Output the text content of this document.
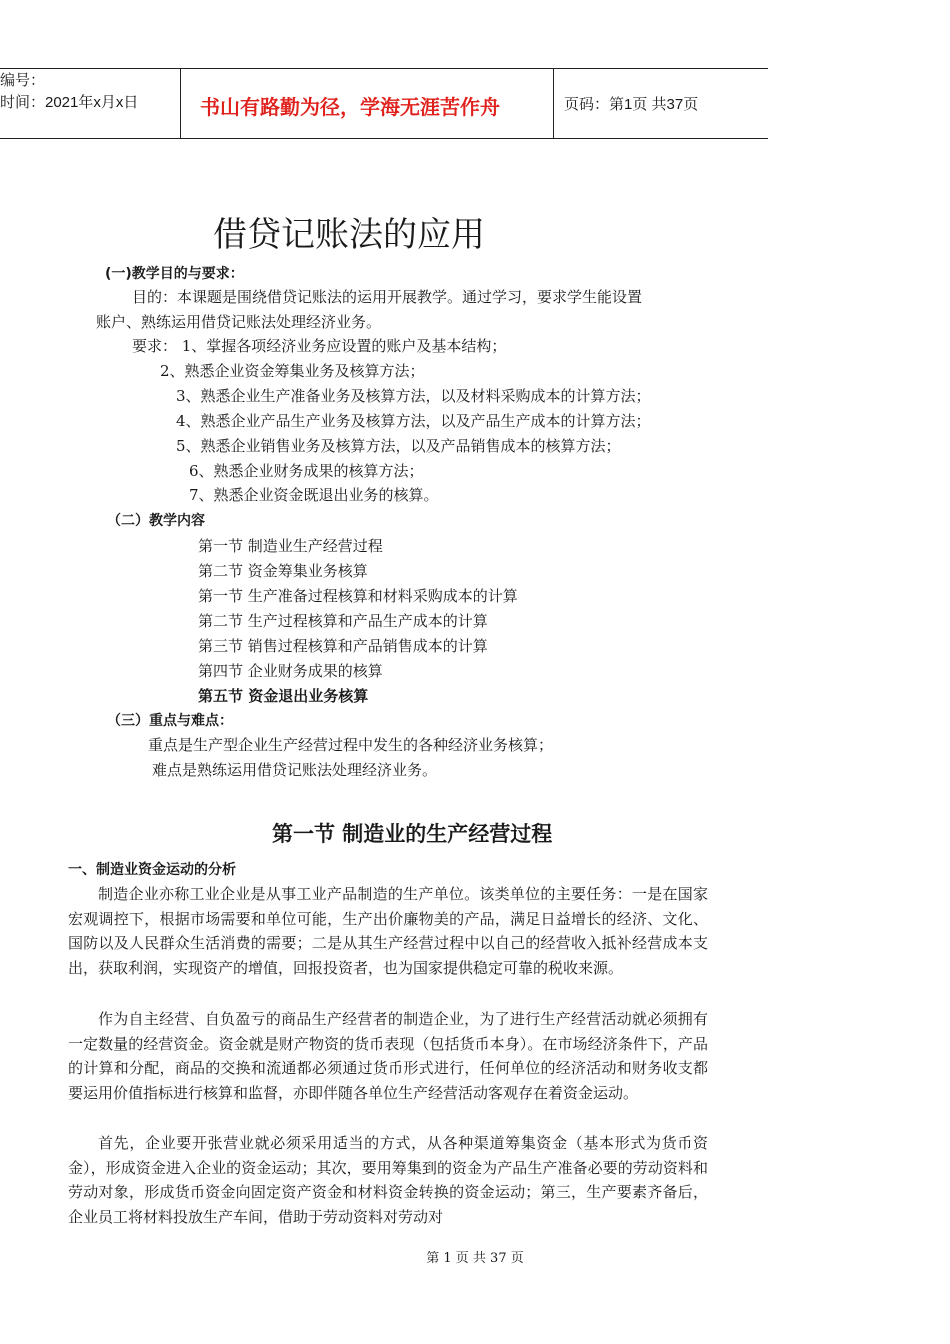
编号：
时间：2021年x月x日	书山有路勤为径，学海无涯苦作舟	页码：第1页 共37页
借贷记账法的应用
(一)教学目的与要求：
目的：本课题是围绕借贷记账法的运用开展教学。通过学习，要求学生能设置
账户、熟练运用借贷记账法处理经济业务。
要求： 1、掌握各项经济业务应设置的账户及基本结构；
2、熟悉企业资金筹集业务及核算方法；
3、熟悉企业生产准备业务及核算方法，以及材料采购成本的计算方法；
4、熟悉企业产品生产业务及核算方法，以及产品生产成本的计算方法；
5、熟悉企业销售业务及核算方法，以及产品销售成本的核算方法；
6、熟悉企业财务成果的核算方法；
7、熟悉企业资金既退出业务的核算。
（二）教学内容
第一节 制造业生产经营过程
第二节 资金筹集业务核算
第一节 生产准备过程核算和材料采购成本的计算
第二节 生产过程核算和产品生产成本的计算
第三节 销售过程核算和产品销售成本的计算
第四节 企业财务成果的核算
第五节 资金退出业务核算
（三）重点与难点：
重点是生产型企业生产经营过程中发生的各种经济业务核算；
难点是熟练运用借贷记账法处理经济业务。
第一节 制造业的生产经营过程
一、制造业资金运动的分析
制造企业亦称工业企业是从事工业产品制造的生产单位。该类单位的主要任务：一是在国家宏观调控下，根据市场需要和单位可能，生产出价廉物美的产品，满足日益增长的经济、文化、国防以及人民群众生活消费的需要；二是从其生产经营过程中以自己的经营收入抵补经营成本支出，获取利润，实现资产的增值，回报投资者，也为国家提供稳定可靠的税收来源。
作为自主经营、自负盈亏的商品生产经营者的制造企业，为了进行生产经营活动就必须拥有一定数量的经营资金。资金就是财产物资的货币表现（包括货币本身）。在市场经济条件下，产品的计算和分配，商品的交换和流通都必须通过货币形式进行，任何单位的经济活动和财务收支都要运用价值指标进行核算和监督，亦即伴随各单位生产经营活动客观存在着资金运动。
首先，企业要开张营业就必须采用适当的方式，从各种渠道筹集资金（基本形式为货币资金），形成资金进入企业的资金运动；其次，要用筹集到的资金为产品生产准备必要的劳动资料和劳动对象，形成货币资金向固定资产资金和材料资金转换的资金运动；第三，生产要素齐备后，企业员工将材料投放生产车间，借助于劳动资料对劳动对
第 1 页 共 37 页
